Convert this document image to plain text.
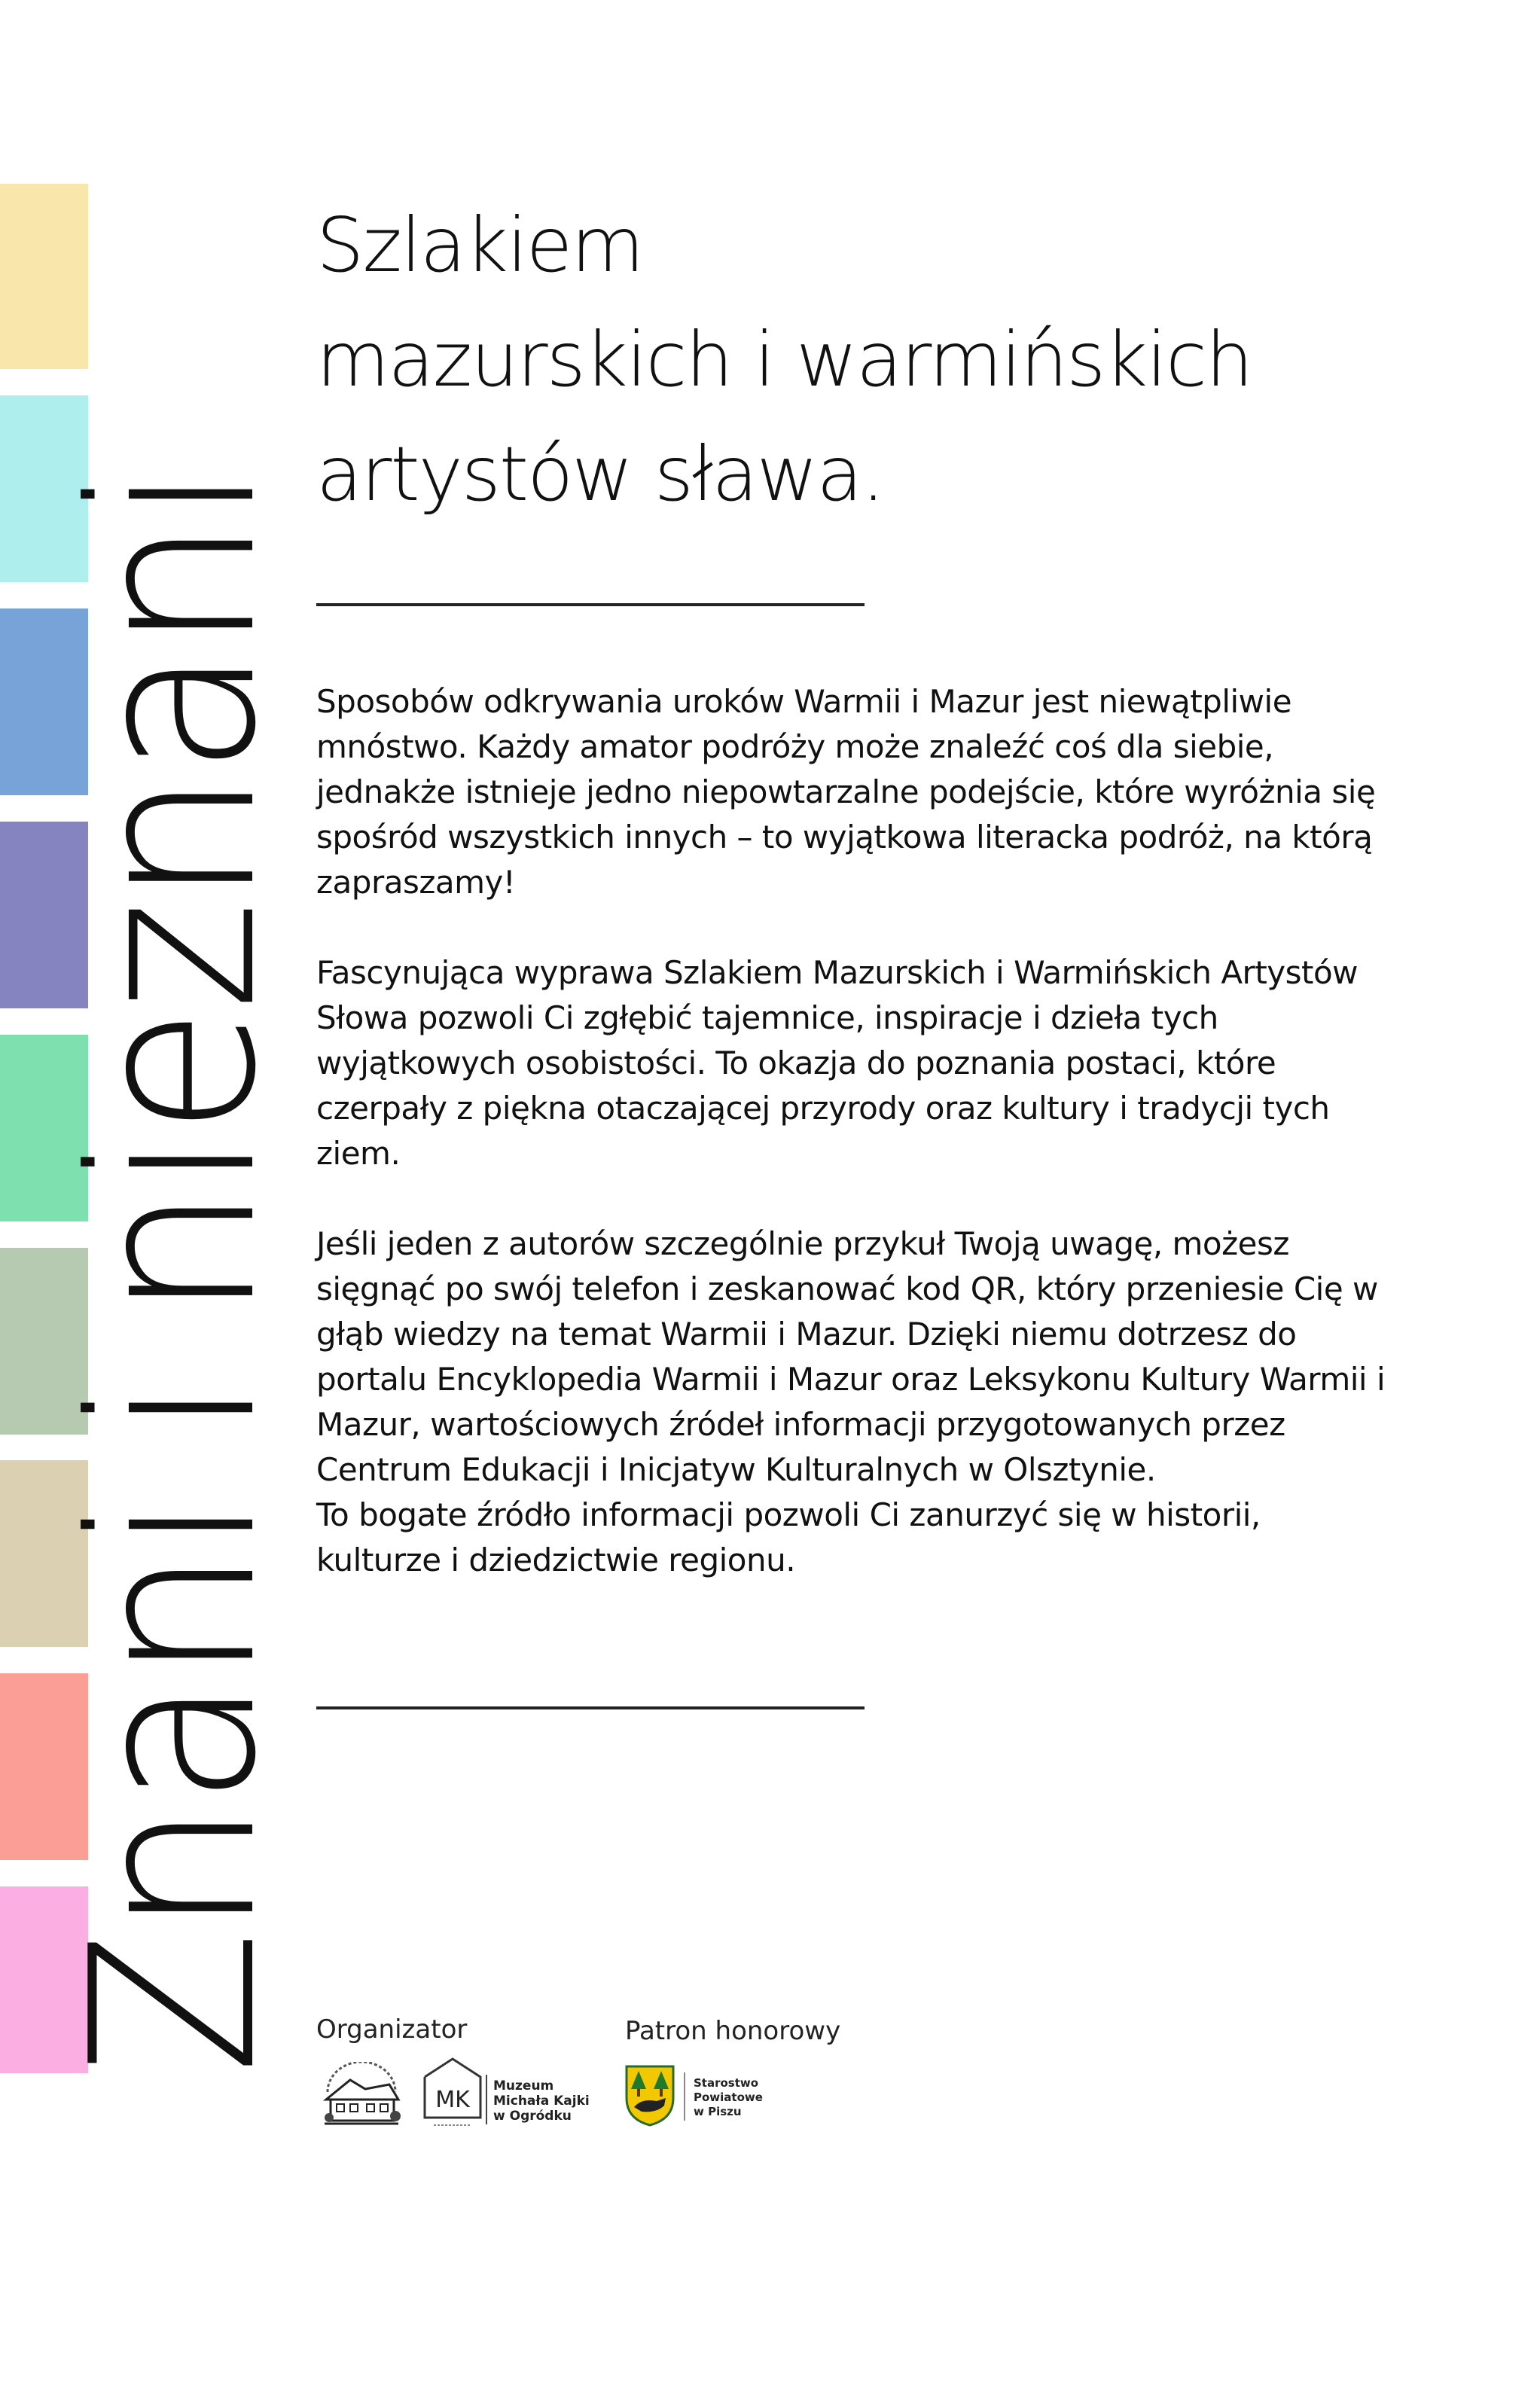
Znani i nieznani
Szlakiem
mazurskich i warmińskich
artystów sława.

Sposobów odkrywania uroków Warmii i Mazur jest niewątpliwie mnóstwo. Każdy amator podróży może znaleźć coś dla siebie, jednakże istnieje jedno niepowtarzalne podejście, które wyróżnia się spośród wszystkich innych – to wyjątkowa literacka podróż, na którą zapraszamy!

Fascynująca wyprawa Szlakiem Mazurskich i Warmińskich Artystów Słowa pozwoli Ci zgłębić tajemnice, inspiracje i dzieła tych wyjątkowych osobistości. To okazja do poznania postaci, które czerpały z piękna otaczającej przyrody oraz kultury i tradycji tych ziem.

Jeśli jeden z autorów szczególnie przykuł Twoją uwagę, możesz sięgnąć po swój telefon i zeskanować kod QR, który przeniesie Cię w głąb wiedzy na temat Warmii i Mazur. Dzięki niemu dotrzesz do portalu Encyklopedia Warmii i Mazur oraz Leksykonu Kultury Warmii i Mazur, wartościowych źródeł informacji przygotowanych przez Centrum Edukacji i Inicjatyw Kulturalnych w Olsztynie.
To bogate źródło informacji pozwoli Ci zanurzyć się w historii, kulturze i dziedzictwie regionu.

Organizator	Patron honorowy
MK
Muzeum
Michała Kajki
w Ogródku
Starostwo
Powiatowe
w Piszu
